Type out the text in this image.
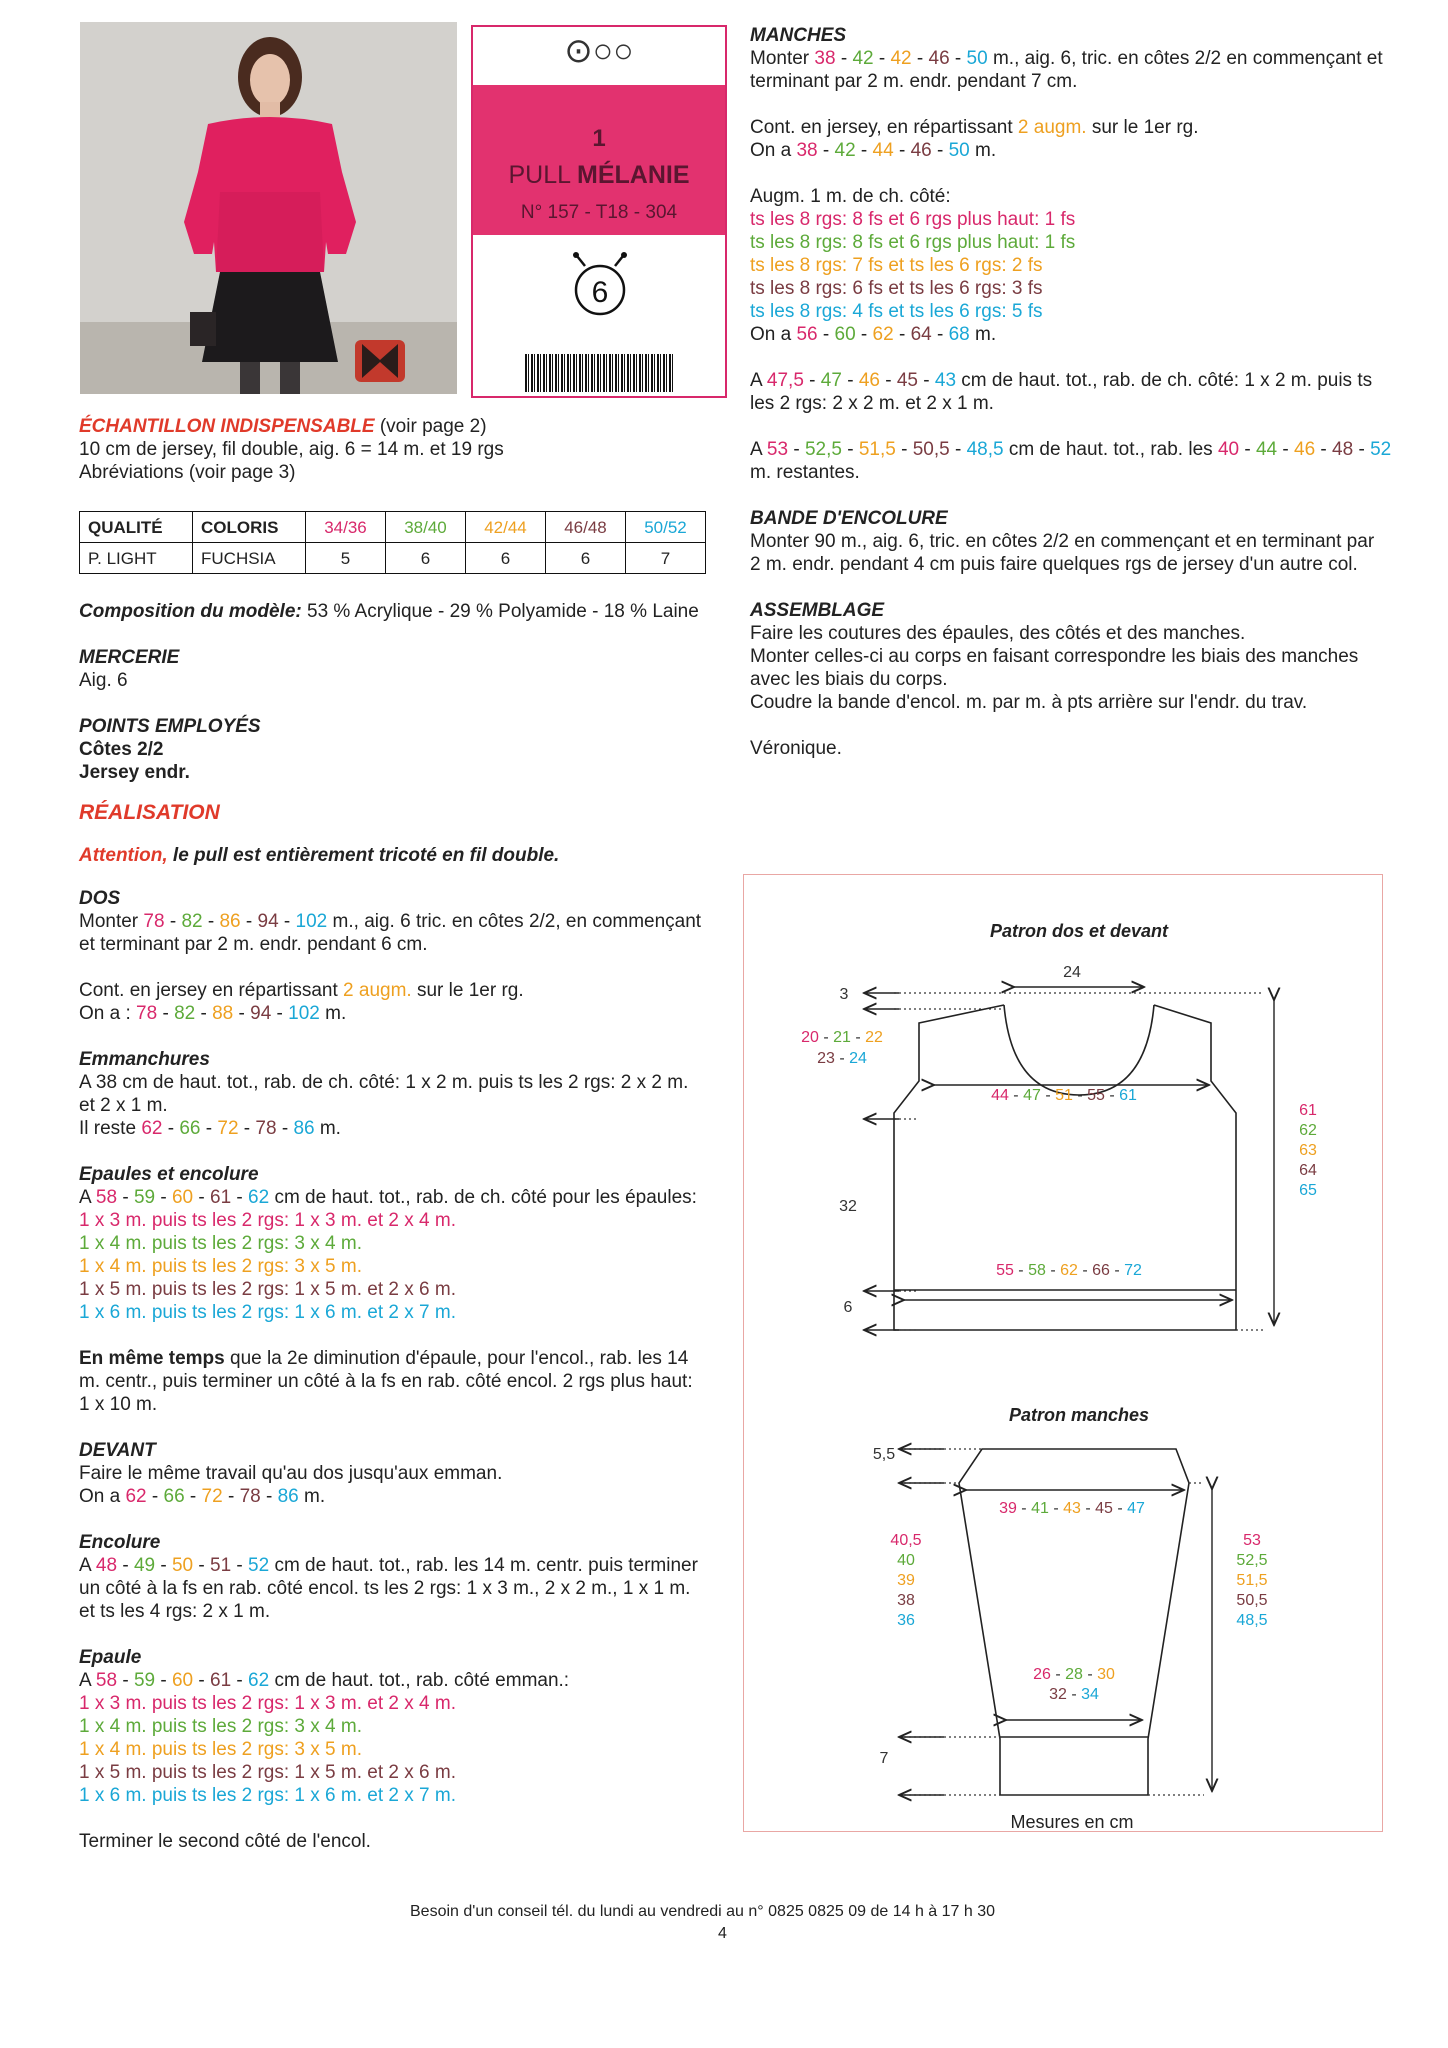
⊙○○
1
PULL MÉLANIE
N° 157 - T18 - 304
6
ÉCHANTILLON INDISPENSABLE (voir page 2)
10 cm de jersey, fil double, aig. 6 = 14 m. et 19 rgs
Abréviations (voir page 3)
QUALITÉ	COLORIS	34/36	38/40	42/44	46/48	50/52
P. LIGHT	FUCHSIA	5	6	6	6	7
Composition du modèle: 53 % Acrylique - 29 % Polyamide - 18 % Laine
MERCERIE
Aig. 6
POINTS EMPLOYÉS
Côtes 2/2
Jersey endr.
RÉALISATION
Attention, le pull est entièrement tricoté en fil double.
DOS
Monter 78 - 82 - 86 - 94 - 102 m., aig. 6 tric. en côtes 2/2, en commençant
et terminant par 2 m. endr. pendant 6 cm.
Cont. en jersey en répartissant 2 augm. sur le 1er rg.
On a : 78 - 82 - 88 - 94 - 102 m.
Emmanchures
A 38 cm de haut. tot., rab. de ch. côté: 1 x 2 m. puis ts les 2 rgs: 2 x 2 m.
et 2 x 1 m.
Il reste 62 - 66 - 72 - 78 - 86 m.
Epaules et encolure
A 58 - 59 - 60 - 61 - 62 cm de haut. tot., rab. de ch. côté pour les épaules:
1 x 3 m. puis ts les 2 rgs: 1 x 3 m. et 2 x 4 m.
1 x 4 m. puis ts les 2 rgs: 3 x 4 m.
1 x 4 m. puis ts les 2 rgs: 3 x 5 m.
1 x 5 m. puis ts les 2 rgs: 1 x 5 m. et 2 x 6 m.
1 x 6 m. puis ts les 2 rgs: 1 x 6 m. et 2 x 7 m.
En même temps que la 2e diminution d'épaule, pour l'encol., rab. les 14
m. centr., puis terminer un côté à la fs en rab. côté encol. 2 rgs plus haut:
1 x 10 m.
DEVANT
Faire le même travail qu'au dos jusqu'aux emman.
On a 62 - 66 - 72 - 78 - 86 m.
Encolure
A 48 - 49 - 50 - 51 - 52 cm de haut. tot., rab. les 14 m. centr. puis terminer
un côté à la fs en rab. côté encol. ts les 2 rgs: 1 x 3 m., 2 x 2 m., 1 x 1 m.
et ts les 4 rgs: 2 x 1 m.
Epaule
A 58 - 59 - 60 - 61 - 62 cm de haut. tot., rab. côté emman.:
1 x 3 m. puis ts les 2 rgs: 1 x 3 m. et 2 x 4 m.
1 x 4 m. puis ts les 2 rgs: 3 x 4 m.
1 x 4 m. puis ts les 2 rgs: 3 x 5 m.
1 x 5 m. puis ts les 2 rgs: 1 x 5 m. et 2 x 6 m.
1 x 6 m. puis ts les 2 rgs: 1 x 6 m. et 2 x 7 m.
Terminer le second côté de l'encol.
MANCHES
Monter 38 - 42 - 42 - 46 - 50 m., aig. 6, tric. en côtes 2/2 en commençant et
terminant par 2 m. endr. pendant 7 cm.
Cont. en jersey, en répartissant 2 augm. sur le 1er rg.
On a 38 - 42 - 44 - 46 - 50 m.
Augm. 1 m. de ch. côté:
ts les 8 rgs: 8 fs et 6 rgs plus haut: 1 fs
ts les 8 rgs: 8 fs et 6 rgs plus haut: 1 fs
ts les 8 rgs: 7 fs et ts les 6 rgs: 2 fs
ts les 8 rgs: 6 fs et ts les 6 rgs: 3 fs
ts les 8 rgs: 4 fs et ts les 6 rgs: 5 fs
On a 56 - 60 - 62 - 64 - 68 m.
A 47,5 - 47 - 46 - 45 - 43 cm de haut. tot., rab. de ch. côté: 1 x 2 m. puis ts
les 2 rgs: 2 x 2 m. et 2 x 1 m.
A 53 - 52,5 - 51,5 - 50,5 - 48,5 cm de haut. tot., rab. les 40 - 44 - 46 - 48 - 52
m. restantes.
BANDE D'ENCOLURE
Monter 90 m., aig. 6, tric. en côtes 2/2 en commençant et en terminant par
2 m. endr. pendant 4 cm puis faire quelques rgs de jersey d'un autre col.
ASSEMBLAGE
Faire les coutures des épaules, des côtés et des manches.
Monter celles-ci au corps en faisant correspondre les biais des manches
avec les biais du corps.
Coudre la bande d'encol. m. par m. à pts arrière sur l'endr. du trav.
Véronique.
Patron dos et devant
24
3
20 - 21 - 22
23 - 24
44 - 47 - 51 - 55 - 61
32
55 - 58 - 62 - 66 - 72
6
61
62
63
64
65
Patron manches
5,5
39 - 41 - 43 - 45 - 47
40,5
40
39
38
36
53
52,5
51,5
50,5
48,5
26 - 28 - 30
32 - 34
7
Mesures en cm
Besoin d'un conseil tél. du lundi au vendredi au n° 0825 0825 09 de 14 h à 17 h 30
4
